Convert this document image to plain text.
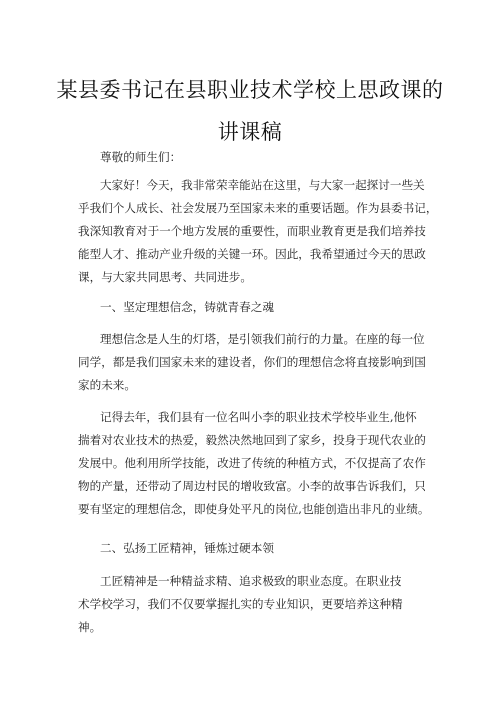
某县委书记在县职业技术学校上思政课的
讲课稿
尊敬的师生们：
大家好！今天，我非常荣幸能站在这里，与大家一起探讨一些关
乎我们个人成长、社会发展乃至国家未来的重要话题。作为县委书记，
我深知教育对于一个地方发展的重要性，而职业教育更是我们培养技
能型人才、推动产业升级的关键一环。因此，我希望通过今天的思政
课，与大家共同思考、共同进步。
一、坚定理想信念，铸就青春之魂
理想信念是人生的灯塔，是引领我们前行的力量。在座的每一位
同学，都是我们国家未来的建设者，你们的理想信念将直接影响到国
家的未来。
记得去年，我们县有一位名叫小李的职业技术学校毕业生,他怀
揣着对农业技术的热爱，毅然决然地回到了家乡，投身于现代农业的
发展中。他利用所学技能，改进了传统的种植方式，不仅提高了农作
物的产量，还带动了周边村民的增收致富。小李的故事告诉我们，只
要有坚定的理想信念，即使身处平凡的岗位,也能创造出非凡的业绩。
二、弘扬工匠精神，锤炼过硬本领
工匠精神是一种精益求精、追求极致的职业态度。在职业技
术学校学习，我们不仅要掌握扎实的专业知识，更要培养这种精
神。
